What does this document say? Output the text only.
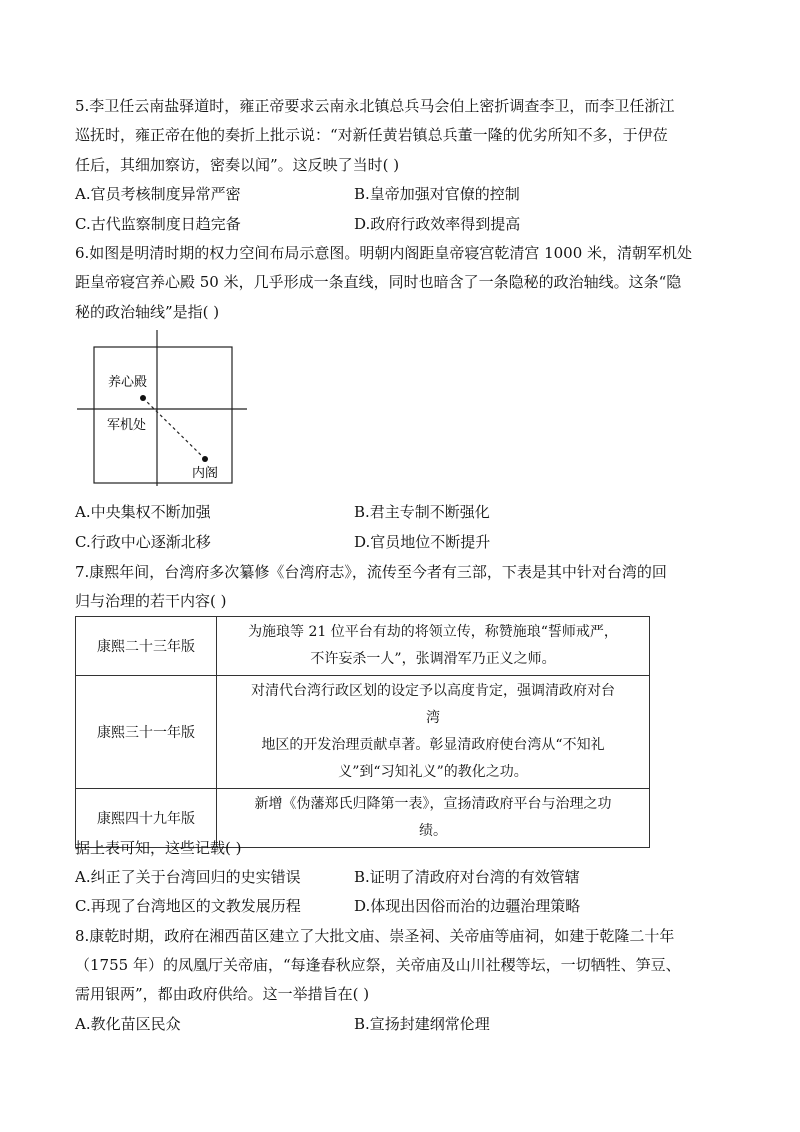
5.李卫任云南盐驿道时，雍正帝要求云南永北镇总兵马会伯上密折调查李卫，而李卫任浙江
巡抚时，雍正帝在他的奏折上批示说：“对新任黄岩镇总兵董一隆的优劣所知不多，于伊莅
任后，其细加察访，密奏以闻”。这反映了当时( )
A.官员考核制度异常严密	B.皇帝加强对官僚的控制
C.古代监察制度日趋完备	D.政府行政效率得到提高
6.如图是明清时期的权力空间布局示意图。明朝内阁距皇帝寝宫乾清宫 1000 米，清朝军机处
距皇帝寝宫养心殿 50 米，几乎形成一条直线，同时也暗含了一条隐秘的政治轴线。这条“隐
秘的政治轴线”是指( )
养心殿
军机处
内阁
A.中央集权不断加强	B.君主专制不断强化
C.行政中心逐渐北移	D.官员地位不断提升
7.康熙年间，台湾府多次纂修《台湾府志》，流传至今者有三部，下表是其中针对台湾的回
归与治理的若干内容( )
康熙二十三年版	为施琅等 21 位平台有劫的将领立传，称赞施琅“誓师戒严，
不许妄杀一人”，张调滑军乃正义之师。

康熙三十一年版	对清代台湾行政区划的设定予以高度肯定，强调清政府对台
湾
地区的开发治理贡献卓著。彰显清政府使台湾从“不知礼
义”到“习知礼义”的教化之功。

康熙四十九年版	新增《伪藩郑氏归降第一表》，宣扬清政府平台与治理之功
绩。
据上表可知，这些记载( )
A.纠正了关于台湾回归的史实错误	B.证明了清政府对台湾的有效管辖
C.再现了台湾地区的文教发展历程	D.体现出因俗而治的边疆治理策略
8.康乾时期，政府在湘西苗区建立了大批文庙、崇圣祠、关帝庙等庙祠，如建于乾隆二十年
（1755 年）的凤凰厅关帝庙，“每逢春秋应祭，关帝庙及山川社稷等坛，一切牺牲、笋豆、
需用银两”，都由政府供给。这一举措旨在( )
A.教化苗区民众	B.宣扬封建纲常伦理
